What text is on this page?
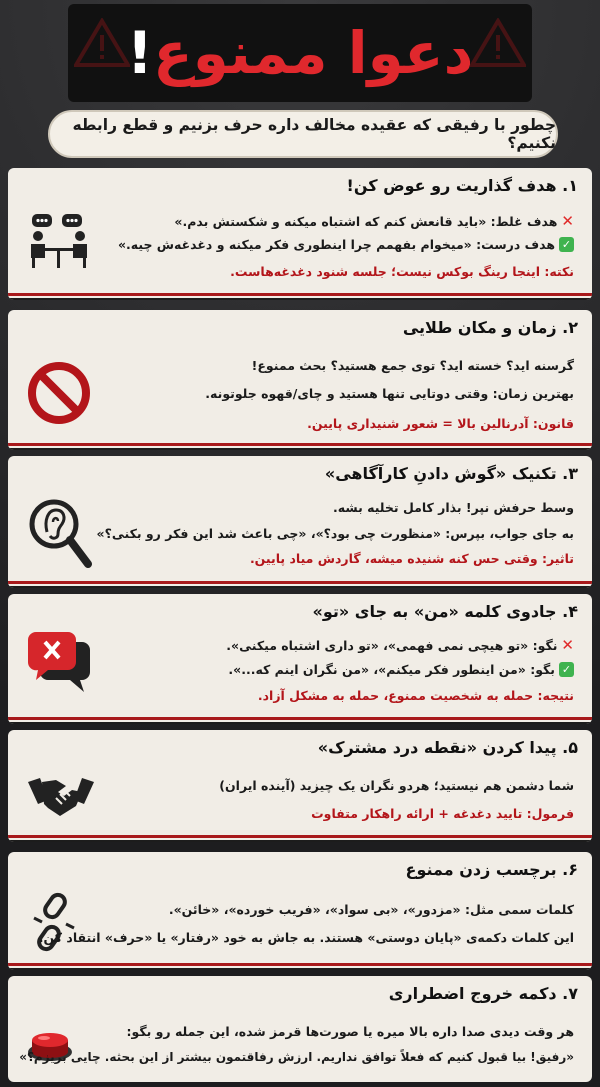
دعوا ممنوع!
چطور با رفیقی که عقیده مخالف داره حرف بزنیم و قطع رابطه نکنیم؟
۱. هدف گذاریت رو عوض کن!
✕
هدف غلط: «باید قانعش کنم که اشتباه میکنه و شکستش بدم.»
✓
هدف درست: «میخوام بفهمم چرا اینطوری فکر میکنه و دغدغه‌ش چیه.»
نکته: اینجا رینگ بوکس نیست؛ جلسه شنود دغدغه‌هاست.
۲. زمان و مکان طلایی
گرسنه اید؟ خسته اید؟ توی جمع هستید؟ بحث ممنوع!
بهترین زمان: وقتی دوتایی تنها هستید و چای/قهوه جلوتونه.
قانون: آدرنالین بالا = شعور شنیداری پایین.
۳. تکنیک «گوش دادنِ کارآگاهی»
وسط حرفش نپر! بذار کامل تخلیه بشه.
به جای جواب، بپرس: «منظورت چی بود؟»، «چی باعث شد این فکر رو بکنی؟»
تاثیر: وقتی حس کنه شنیده میشه، گاردش میاد پایین.
۴. جادوی کلمه «من» به جای «تو»
✕
نگو: «تو هیچی نمی فهمی»، «تو داری اشتباه میکنی».
✓
بگو: «من اینطور فکر میکنم»، «من نگران اینم که...».
نتیجه: حمله به شخصیت ممنوع، حمله به مشکل آزاد.
۵. پیدا کردن «نقطه درد مشترک»
شما دشمن هم نیستید؛ هردو نگران یک چیزید (آینده ایران)
فرمول: تایید دغدغه + ارائه راهکار متفاوت
۶. برچسب زدن ممنوع
کلمات سمی مثل: «مزدور»، «بی سواد»، «فریب خورده»، «خائن».
این کلمات دکمه‌ی «پایان دوستی» هستند. به جاش به خود «رفتار» یا «حرف» انتقاد کن.
۷. دکمه خروج اضطراری
هر وقت دیدی صدا داره بالا میره یا صورت‌ها قرمز شده، این جمله رو بگو:
«رفیق! بیا قبول کنیم که فعلاً توافق نداریم. ارزش رفاقتمون بیشتر از این بحثه. چایی بریزم؟»
